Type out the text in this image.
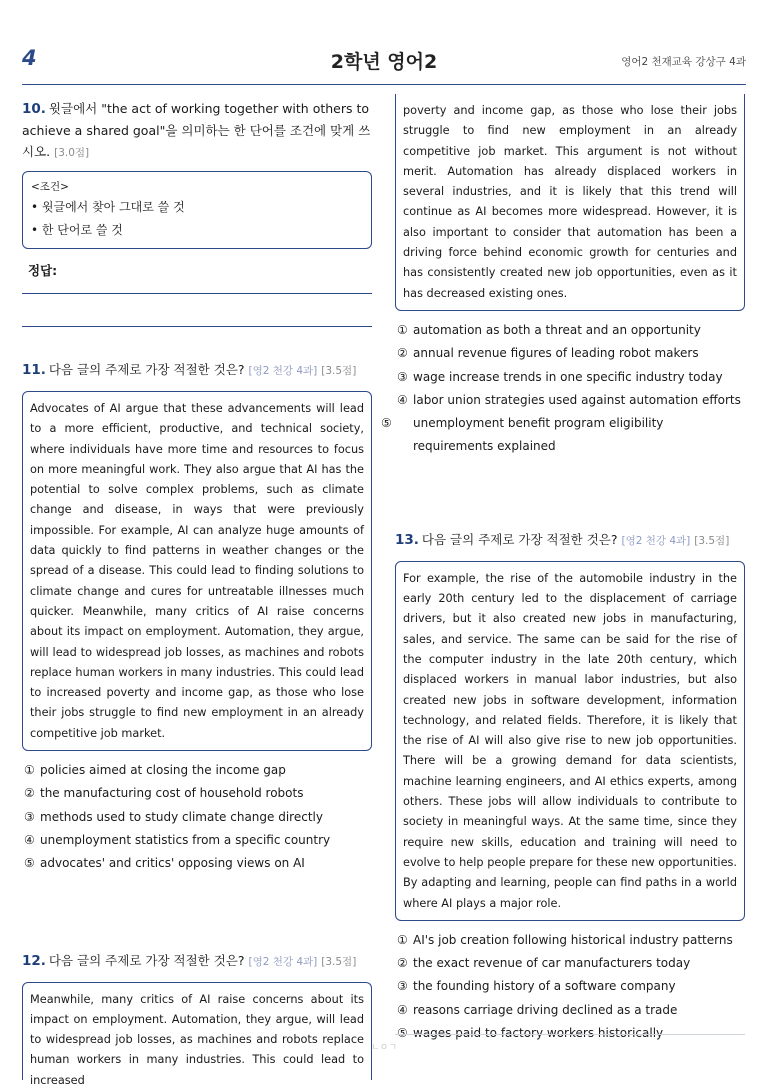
4	2학년 영어2	영어2 천재교육 강상구 4과
10. 윗글에서 "the act of working together with others to achieve a shared goal"을 의미하는 한 단어를 조건에 맞게 쓰시오. [3.0점]
<조건>
• 윗글에서 찾아 그대로 쓸 것
• 한 단어로 쓸 것
정답:
11. 다음 글의 주제로 가장 적절한 것은? [영2 천강 4과] [3.5점]
Advocates of AI argue that these advancements will lead to a more efficient, productive, and technical society, where individuals have more time and resources to focus on more meaningful work. They also argue that AI has the potential to solve complex problems, such as climate change and disease, in ways that were previously impossible. For example, AI can analyze huge amounts of data quickly to find patterns in weather changes or the spread of a disease. This could lead to finding solutions to climate change and cures for untreatable illnesses much quicker. Meanwhile, many critics of AI raise concerns about its impact on employment. Automation, they argue, will lead to widespread job losses, as machines and robots replace human workers in many industries. This could lead to increased poverty and income gap, as those who lose their jobs struggle to find new employment in an already competitive job market.
① policies aimed at closing the income gap
② the manufacturing cost of household robots
③ methods used to study climate change directly
④ unemployment statistics from a specific country
⑤ advocates' and critics' opposing views on AI
12. 다음 글의 주제로 가장 적절한 것은? [영2 천강 4과] [3.5점]
Meanwhile, many critics of AI raise concerns about its impact on employment. Automation, they argue, will lead to widespread job losses, as machines and robots replace human workers in many industries. This could lead to increased
poverty and income gap, as those who lose their jobs struggle to find new employment in an already competitive job market. This argument is not without merit. Automation has already displaced workers in several industries, and it is likely that this trend will continue as AI becomes more widespread. However, it is also important to consider that automation has been a driving force behind economic growth for centuries and has consistently created new job opportunities, even as it has decreased existing ones.
① automation as both a threat and an opportunity
② annual revenue figures of leading robot makers
③ wage increase trends in one specific industry today
④ labor union strategies used against automation efforts
⑤ unemployment benefit program eligibility requirements explained
13. 다음 글의 주제로 가장 적절한 것은? [영2 천강 4과] [3.5점]
For example, the rise of the automobile industry in the early 20th century led to the displacement of carriage drivers, but it also created new jobs in manufacturing, sales, and service. The same can be said for the rise of the computer industry in the late 20th century, which displaced workers in manual labor industries, but also created new jobs in software development, information technology, and related fields. Therefore, it is likely that the rise of AI will also give rise to new job opportunities. There will be a growing demand for data scientists, machine learning engineers, and AI ethics experts, among others. These jobs will allow individuals to contribute to society in meaningful ways. At the same time, since they require new skills, education and training will need to evolve to help people prepare for these new opportunities. By adapting and learning, people can find paths in a world where AI plays a major role.
① AI's job creation following historical industry patterns
② the exact revenue of car manufacturers today
③ the founding history of a software company
④ reasons carriage driving declined as a trade
⑤ wages paid to factory workers historically
ㄴㅇㄱ
